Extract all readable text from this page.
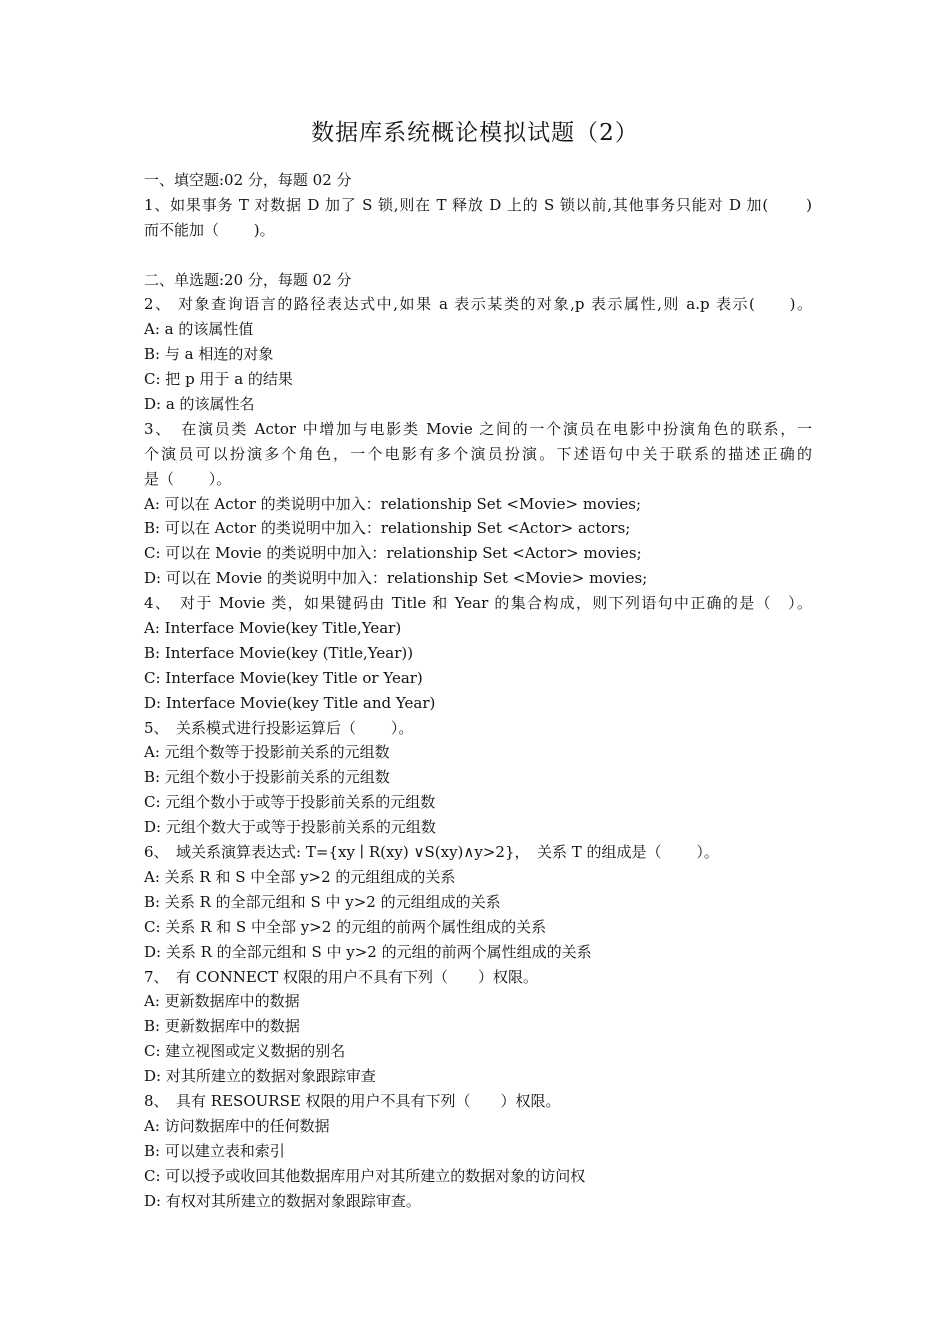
数据库系统概论模拟试题（2）
一、填空题:02 分，每题 02 分
1、如果事务 T 对数据 D 加了 S 锁,则在 T 释放 D 上的 S 锁以前,其他事务只能对 D 加(　　 )
而不能加（　　 )。
二、单选题:20 分，每题 02 分
2、 对象查询语言的路径表达式中,如果 a 表示某类的对象,p 表示属性,则 a.p 表示(　　)。
A: a 的该属性值
B: 与 a 相连的对象
C: 把 p 用于 a 的结果
D: a 的该属性名
3、　在演员类 Actor 中增加与电影类 Movie 之间的一个演员在电影中扮演角色的联系，一
个演员可以扮演多个角色，一个电影有多个演员扮演。下述语句中关于联系的描述正确的
是（　　 ）。
A: 可以在 Actor 的类说明中加入：relationship Set <Movie> movies;
B: 可以在 Actor 的类说明中加入：relationship Set <Actor> actors;
C: 可以在 Movie 的类说明中加入：relationship Set <Actor> movies;
D: 可以在 Movie 的类说明中加入：relationship Set <Movie> movies;
4、　对于 Movie 类，如果键码由 Title 和 Year 的集合构成，则下列语句中正确的是（　）。
A: Interface Movie(key Title,Year)
B: Interface Movie(key (Title,Year))
C: Interface Movie(key Title or Year)
D: Interface Movie(key Title and Year)
5、　关系模式进行投影运算后（　　 ）。
A: 元组个数等于投影前关系的元组数
B: 元组个数小于投影前关系的元组数
C: 元组个数小于或等于投影前关系的元组数
D: 元组个数大于或等于投影前关系的元组数
6、　域关系演算表达式: T={xy ∣ R(xy) ∨S(xy)∧y>2}，　关系 T 的组成是（　　 ）。
A: 关系 R 和 S 中全部 y>2 的元组组成的关系
B: 关系 R 的全部元组和 S 中 y>2 的元组组成的关系
C: 关系 R 和 S 中全部 y>2 的元组的前两个属性组成的关系
D: 关系 R 的全部元组和 S 中 y>2 的元组的前两个属性组成的关系
7、　有 CONNECT 权限的用户不具有下列（　　）权限。
A: 更新数据库中的数据
B: 更新数据库中的数据
C: 建立视图或定义数据的别名
D: 对其所建立的数据对象跟踪审查
8、　具有 RESOURSE 权限的用户不具有下列（　　）权限。
A: 访问数据库中的任何数据
B: 可以建立表和索引
C: 可以授予或收回其他数据库用户对其所建立的数据对象的访问权
D: 有权对其所建立的数据对象跟踪审查。
